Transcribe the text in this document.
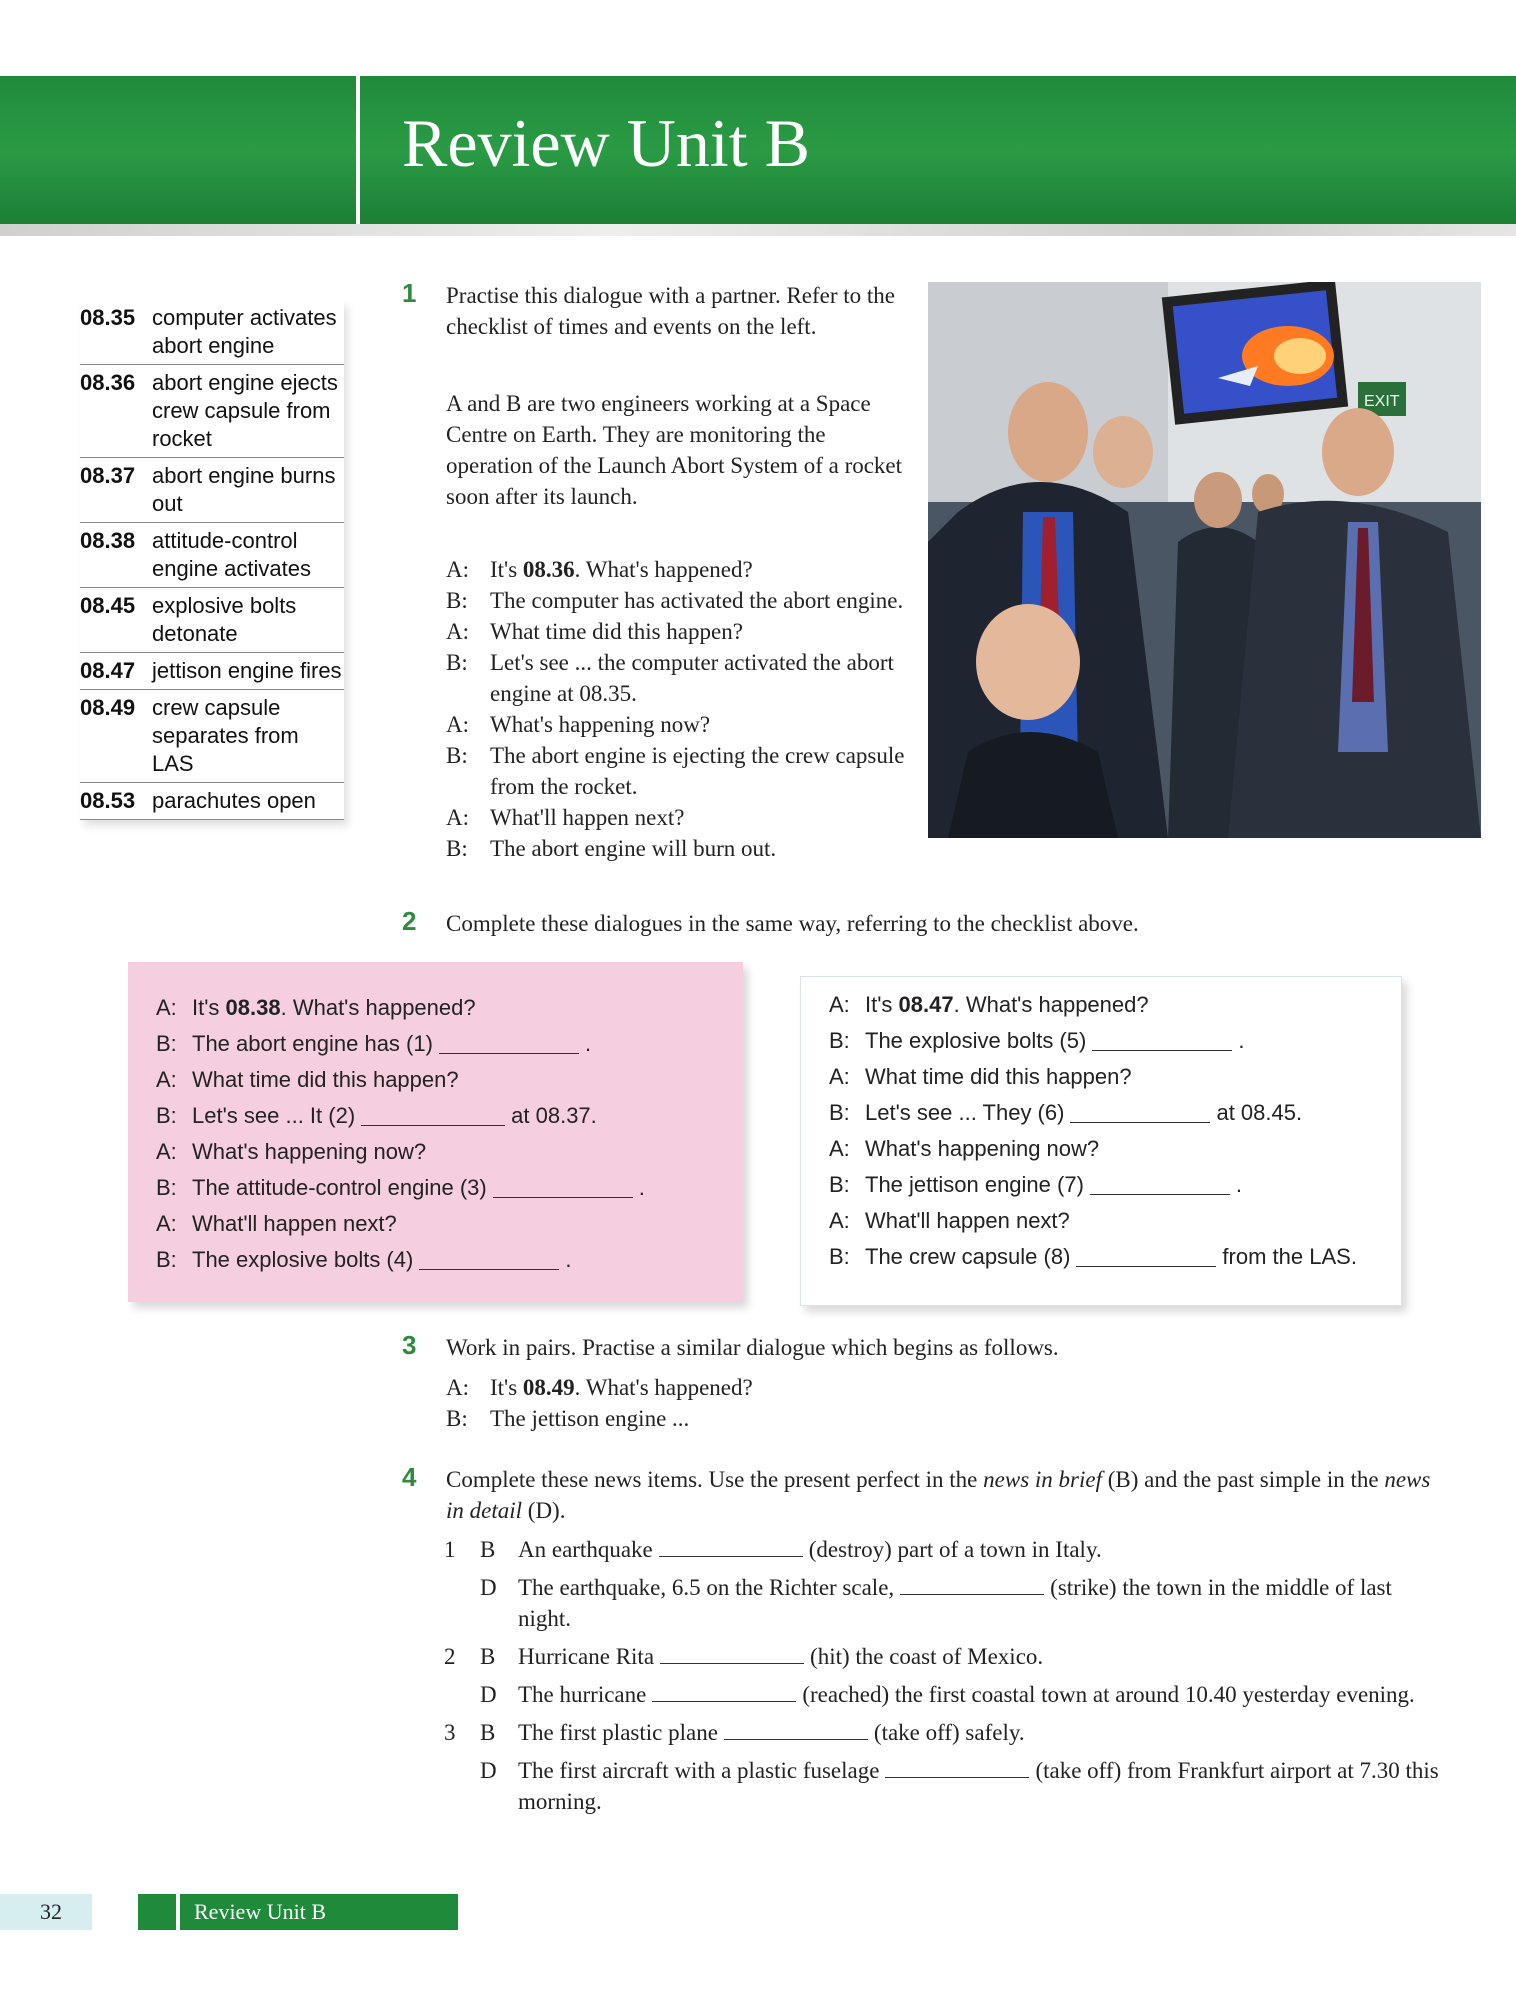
Review Unit B
08.35 computer activates abort engine
08.36 abort engine ejects crew capsule from rocket
08.37 abort engine burns out
08.38 attitude-control engine activates
08.45 explosive bolts detonate
08.47 jettison engine fires
08.49 crew capsule separates from LAS
08.53 parachutes open
1 Practise this dialogue with a partner. Refer to the checklist of times and events on the left.

A and B are two engineers working at a Space Centre on Earth. They are monitoring the operation of the Launch Abort System of a rocket soon after its launch.

A: It's 08.36. What's happened?
B: The computer has activated the abort engine.
A: What time did this happen?
B: Let's see ... the computer activated the abort engine at 08.35.
A: What's happening now?
B: The abort engine is ejecting the crew capsule from the rocket.
A: What'll happen next?
B: The abort engine will burn out.
EXIT
2 Complete these dialogues in the same way, referring to the checklist above.

A: It's 08.38. What's happened?
B: The abort engine has (1)	.
A: What time did this happen?
B: Let's see ... It (2)	at 08.37.
A: What's happening now?
B: The attitude-control engine (3)	.
A: What'll happen next?
B: The explosive bolts (4)	.
A: It's 08.47. What's happened?
B: The explosive bolts (5)	.
A: What time did this happen?
B: Let's see ... They (6)	at 08.45.
A: What's happening now?
B: The jettison engine (7)	.
A: What'll happen next?
B: The crew capsule (8)	from the LAS.
3 Work in pairs. Practise a similar dialogue which begins as follows.

A: It's 08.49. What's happened?
B: The jettison engine ...
4 Complete these news items. Use the present perfect in the news in brief (B) and the past simple in the news in detail (D).

1	B An earthquake	(destroy) part of a town in Italy.
D The earthquake, 6.5 on the Richter scale,	(strike) the town in the middle of last night.
2	B Hurricane Rita	(hit) the coast of Mexico.
D The hurricane	(reached) the first coastal town at around 10.40 yesterday evening.
3	B The first plastic plane	(take off) safely.
D The first aircraft with a plastic fuselage	(take off) from Frankfurt airport at 7.30 this morning.
32	Review Unit B
